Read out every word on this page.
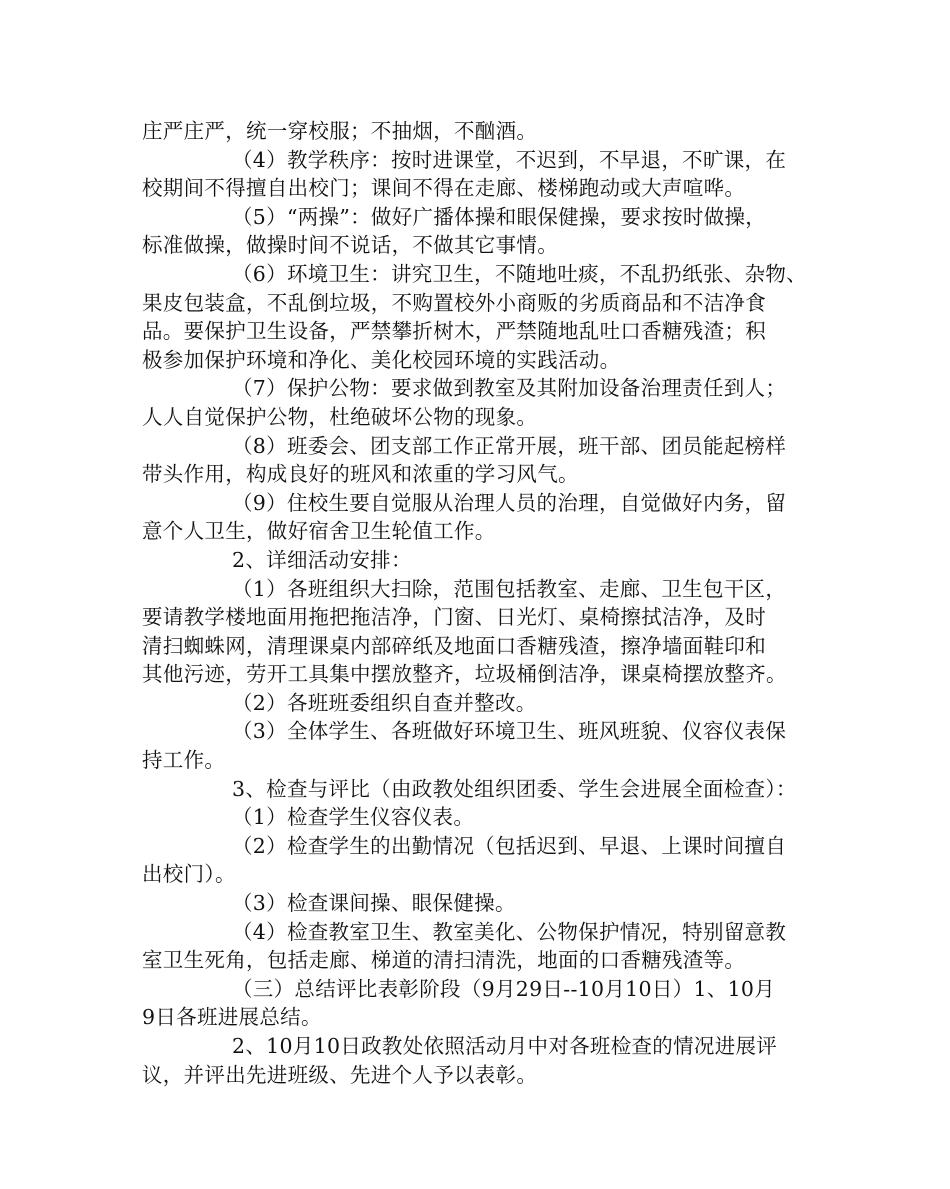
庄严庄严，统一穿校服；不抽烟，不酗酒。
（4）教学秩序：按时进课堂，不迟到，不早退，不旷课，在
校期间不得擅自出校门；课间不得在走廊、楼梯跑动或大声喧哗。
（5）“两操”：做好广播体操和眼保健操，要求按时做操，
标准做操，做操时间不说话，不做其它事情。
（6）环境卫生：讲究卫生，不随地吐痰，不乱扔纸张、杂物、
果皮包装盒，不乱倒垃圾，不购置校外小商贩的劣质商品和不洁净食
品。要保护卫生设备，严禁攀折树木，严禁随地乱吐口香糖残渣；积
极参加保护环境和净化、美化校园环境的实践活动。
（7）保护公物：要求做到教室及其附加设备治理责任到人；
人人自觉保护公物，杜绝破坏公物的现象。
（8）班委会、团支部工作正常开展，班干部、团员能起榜样
带头作用，构成良好的班风和浓重的学习风气。
（9）住校生要自觉服从治理人员的治理，自觉做好内务，留
意个人卫生，做好宿舍卫生轮值工作。
2、详细活动安排：
（1）各班组织大扫除，范围包括教室、走廊、卫生包干区，
要请教学楼地面用拖把拖洁净，门窗、日光灯、桌椅擦拭洁净，及时
清扫蜘蛛网，清理课桌内部碎纸及地面口香糖残渣，擦净墙面鞋印和
其他污迹，劳开工具集中摆放整齐，垃圾桶倒洁净，课桌椅摆放整齐。
（2）各班班委组织自查并整改。
（3）全体学生、各班做好环境卫生、班风班貌、仪容仪表保
持工作。
3、检查与评比（由政教处组织团委、学生会进展全面检查）：
（1）检查学生仪容仪表。
（2）检查学生的出勤情况（包括迟到、早退、上课时间擅自
出校门）。
（3）检查课间操、眼保健操。
（4）检查教室卫生、教室美化、公物保护情况，特别留意教
室卫生死角，包括走廊、梯道的清扫清洗，地面的口香糖残渣等。
（三）总结评比表彰阶段（9月29日--10月10日）1、10月
9日各班进展总结。
2、10月10日政教处依照活动月中对各班检查的情况进展评
议，并评出先进班级、先进个人予以表彰。
